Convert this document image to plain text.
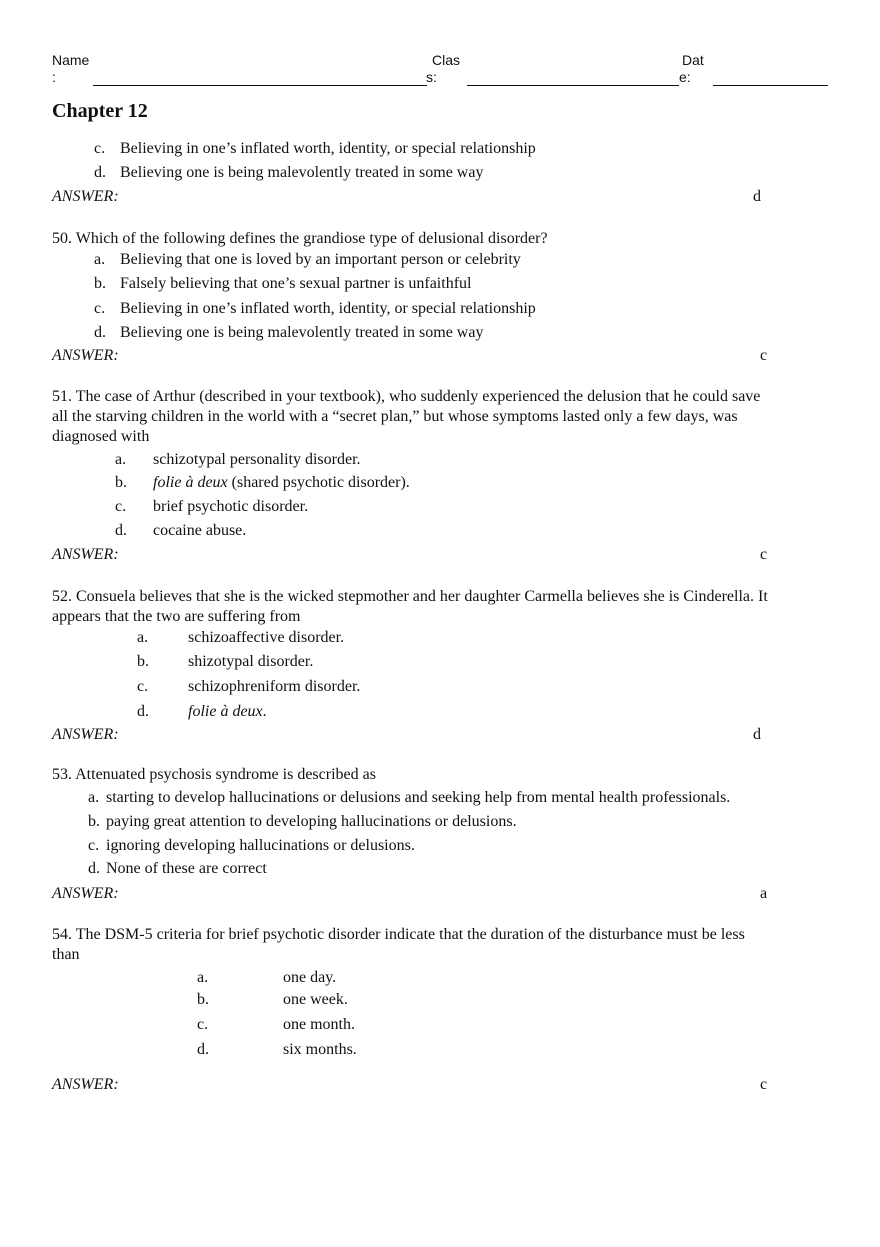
Name
:
Clas
s:
Dat
e:
Chapter 12
c. Believing in one’s inflated worth, identity, or special relationship
d. Believing one is being malevolently treated in some way
ANSWER:	d
50. Which of the following defines the grandiose type of delusional disorder?
a. Believing that one is loved by an important person or celebrity
b. Falsely believing that one’s sexual partner is unfaithful
c. Believing in one’s inflated worth, identity, or special relationship
d. Believing one is being malevolently treated in some way
ANSWER:	c
51. The case of Arthur (described in your textbook), who suddenly experienced the delusion that he could save
all the starving children in the world with a “secret plan,” but whose symptoms lasted only a few days, was
diagnosed with
a. schizotypal personality disorder.
b. folie à deux (shared psychotic disorder).
c. brief psychotic disorder.
d. cocaine abuse.
ANSWER:	c
52. Consuela believes that she is the wicked stepmother and her daughter Carmella believes she is Cinderella. It
appears that the two are suffering from
a. schizoaffective disorder.
b. shizotypal disorder.
c. schizophreniform disorder.
d. folie à deux.
ANSWER:	d
53. Attenuated psychosis syndrome is described as
a. starting to develop hallucinations or delusions and seeking help from mental health professionals.
b. paying great attention to developing hallucinations or delusions.
c. ignoring developing hallucinations or delusions.
d. None of these are correct
ANSWER:	a
54. The DSM-5 criteria for brief psychotic disorder indicate that the duration of the disturbance must be less
than
a.	one day.
b.	one week.
c.	one month.
d.	six months.
ANSWER:	c
